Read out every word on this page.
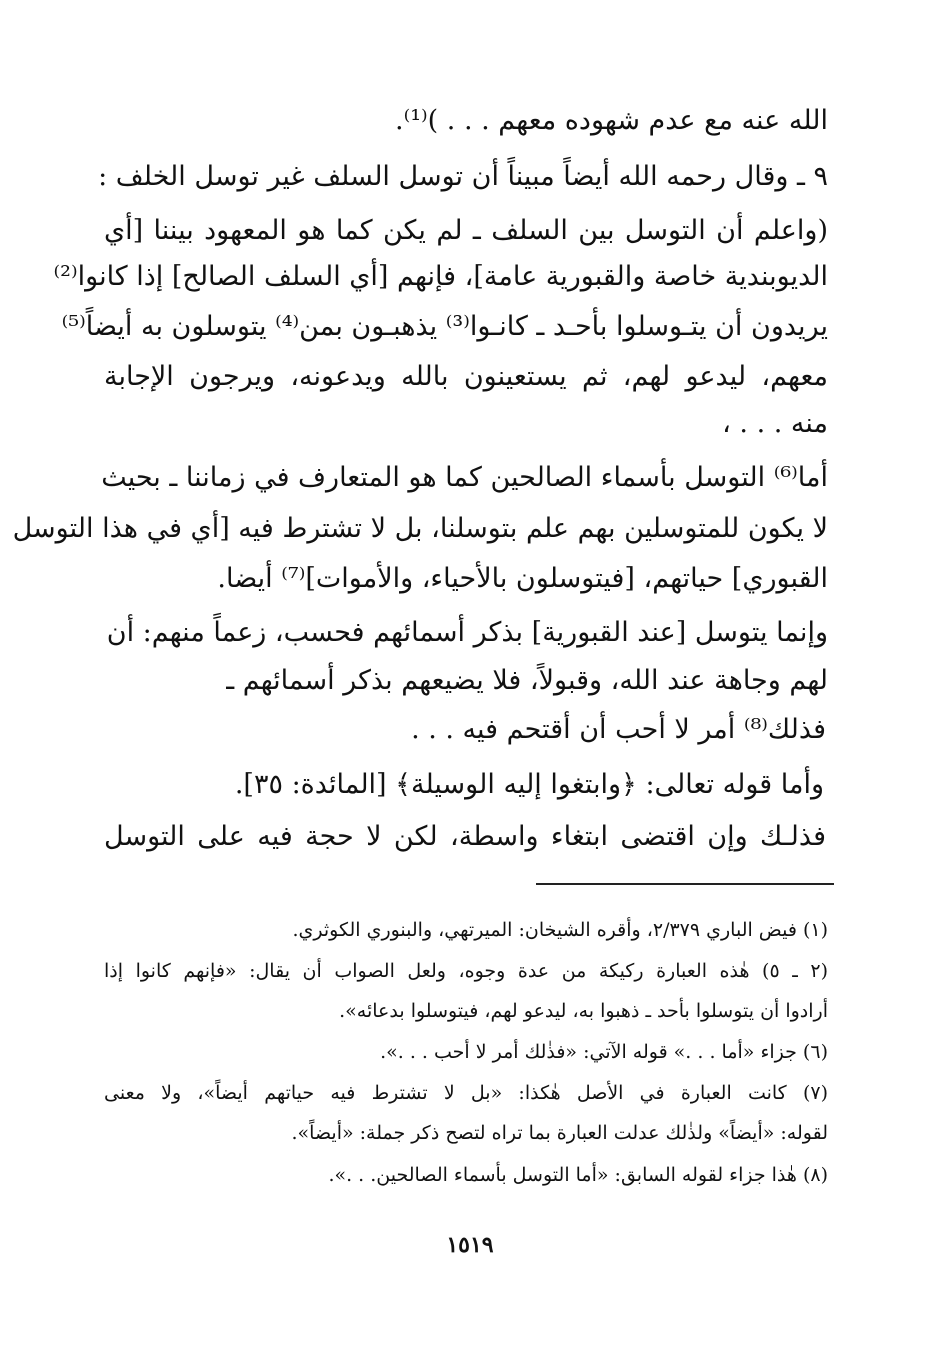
الله عنه مع عدم شهوده معهم . . . )⁽¹⁾.
٩ ـ وقال رحمه الله أيضاً مبيناً أن توسل السلف غير توسل الخلف :
(واعلم أن التوسل بين السلف ـ لم يكن كما هو المعهود بيننا [أي
الديوبندية خاصة والقبورية عامة]، فإنهم [أي السلف الصالح] إذا كانوا⁽²⁾
يريدون أن يتـوسلوا بأحـد ـ كانـوا⁽³⁾ يذهبـون بمن⁽⁴⁾ يتوسلون به أيضاً⁽⁵⁾
معهم، ليدعو لهم، ثم يستعينون بالله ويدعونه، ويرجون الإجابة
منه . . . ،
أما⁽⁶⁾ التوسل بأسماء الصالحين كما هو المتعارف في زماننا ـ بحيث
لا يكون للمتوسلين بهم علم بتوسلنا، بل لا تشترط فيه [أي في هذا التوسل
القبوري] حياتهم، [فيتوسلون بالأحياء، والأموات]⁽⁷⁾ أيضا.
وإنما يتوسل [عند القبورية] بذكر أسمائهم فحسب، زعماً منهم: أن
لهم وجاهة عند الله، وقبولاً، فلا يضيعهم بذكر أسمائهم ـ
فذلك⁽⁸⁾ أمر لا أحب أن أقتحم فيه . . .
وأما قوله تعالى: ﴿وابتغوا إليه الوسيلة﴾ [المائدة: ٣٥].
فذلـك وإن اقتضى ابتغاء واسطة، لكن لا حجة فيه على التوسل
(١) فيض الباري ٢/٣٧٩، وأقره الشيخان: الميرتهي، والبنوري الكوثري.
(٢ ـ ٥) هٰذه العبارة ركيكة من عدة وجوه، ولعل الصواب أن يقال: «فإنهم كانوا إذا
أرادوا أن يتوسلوا بأحد ـ ذهبوا به، ليدعو لهم، فيتوسلوا بدعائه».
(٦) جزاء «أما . . .» قوله الآتي: «فذٰلك أمر لا أحب . . .».
(٧) كانت العبارة في الأصل هٰكذا: «بل لا تشترط فيه حياتهم أيضاً»، ولا معنى
لقوله: «أيضاً» ولذٰلك عدلت العبارة بما تراه لتصح ذكر جملة: «أيضاً».
(٨) هٰذا جزاء لقوله السابق: «أما التوسل بأسماء الصالحين. . .».
١٥١٩
